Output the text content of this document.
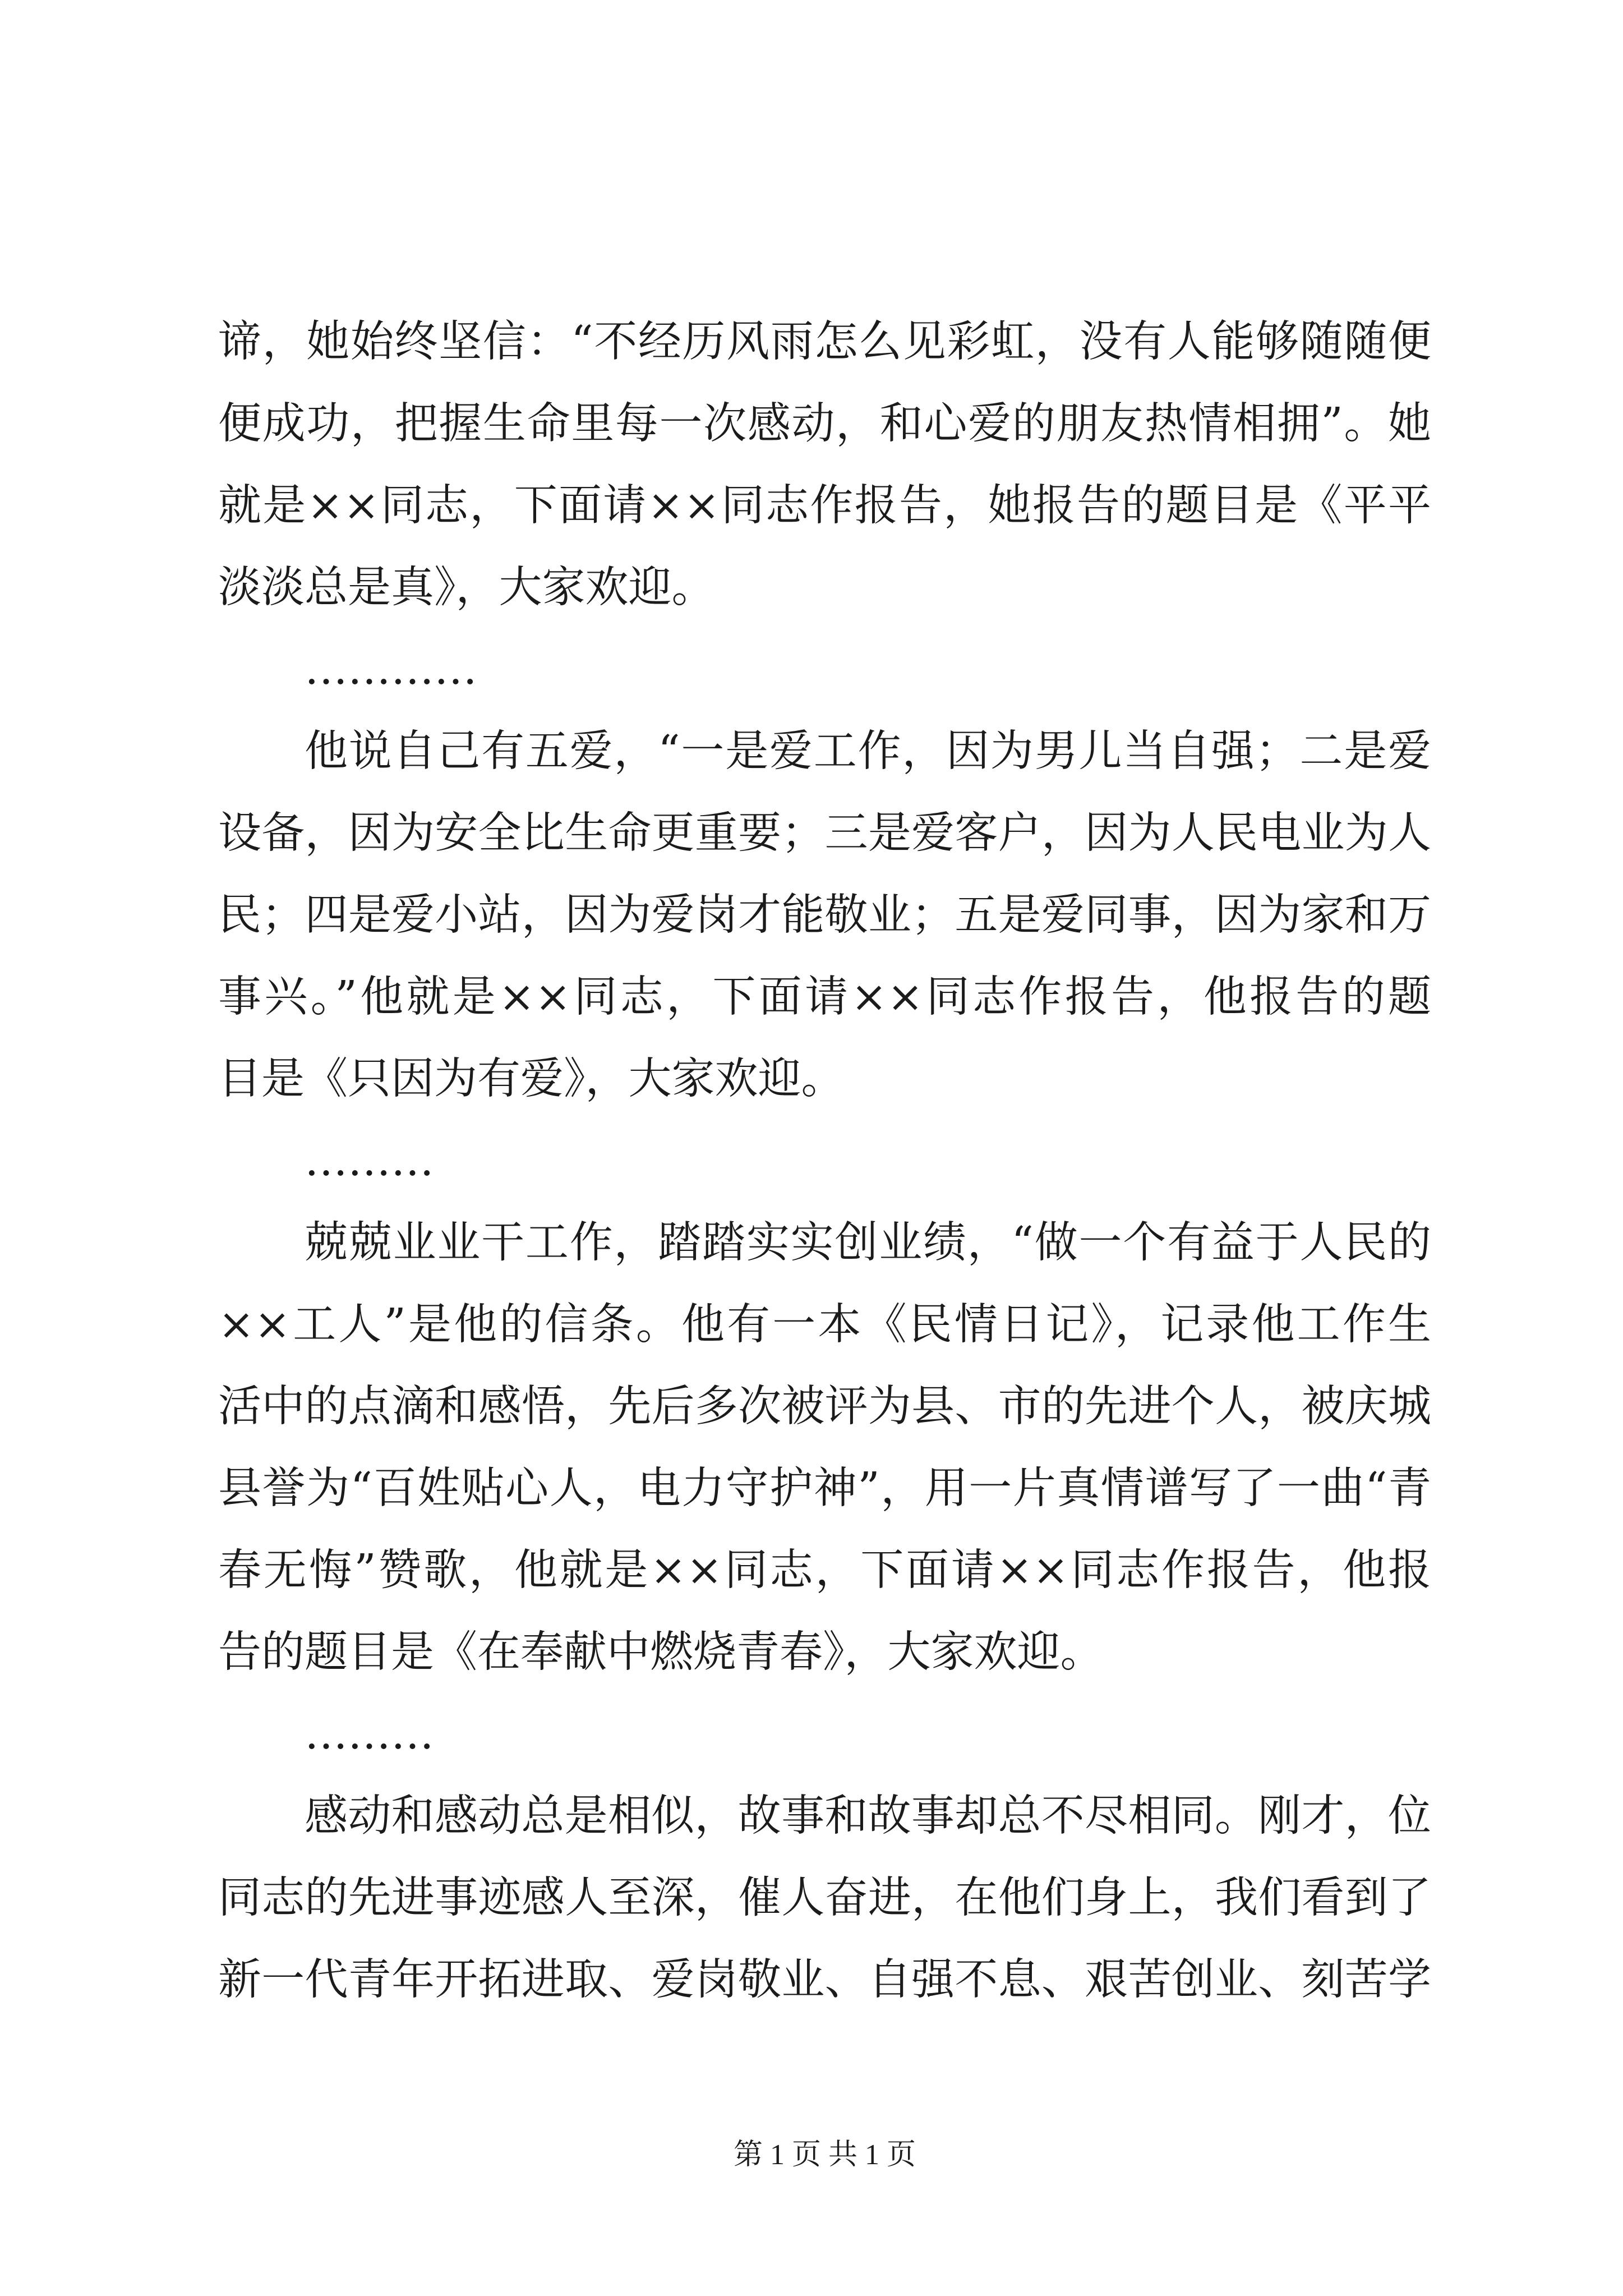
谛，她始终坚信：“不经历风雨怎么见彩虹，没有人能够随随便
便成功，把握生命里每一次感动，和心爱的朋友热情相拥”。她
就是××同志，下面请××同志作报告，她报告的题目是《平平
淡淡总是真》，大家欢迎。
…………
他说自己有五爱，“一是爱工作，因为男儿当自强；二是爱
设备，因为安全比生命更重要；三是爱客户，因为人民电业为人
民；四是爱小站，因为爱岗才能敬业；五是爱同事，因为家和万
事兴。”他就是××同志，下面请××同志作报告，他报告的题
目是《只因为有爱》，大家欢迎。
………
兢兢业业干工作，踏踏实实创业绩，“做一个有益于人民的
××工人”是他的信条。他有一本《民情日记》，记录他工作生
活中的点滴和感悟，先后多次被评为县、市的先进个人，被庆城
县誉为“百姓贴心人，电力守护神”，用一片真情谱写了一曲“青
春无悔”赞歌，他就是××同志，下面请××同志作报告，他报
告的题目是《在奉献中燃烧青春》，大家欢迎。
………
感动和感动总是相似，故事和故事却总不尽相同。刚才，位
同志的先进事迹感人至深，催人奋进，在他们身上，我们看到了
新一代青年开拓进取、爱岗敬业、自强不息、艰苦创业、刻苦学
第 1 页 共 1 页
